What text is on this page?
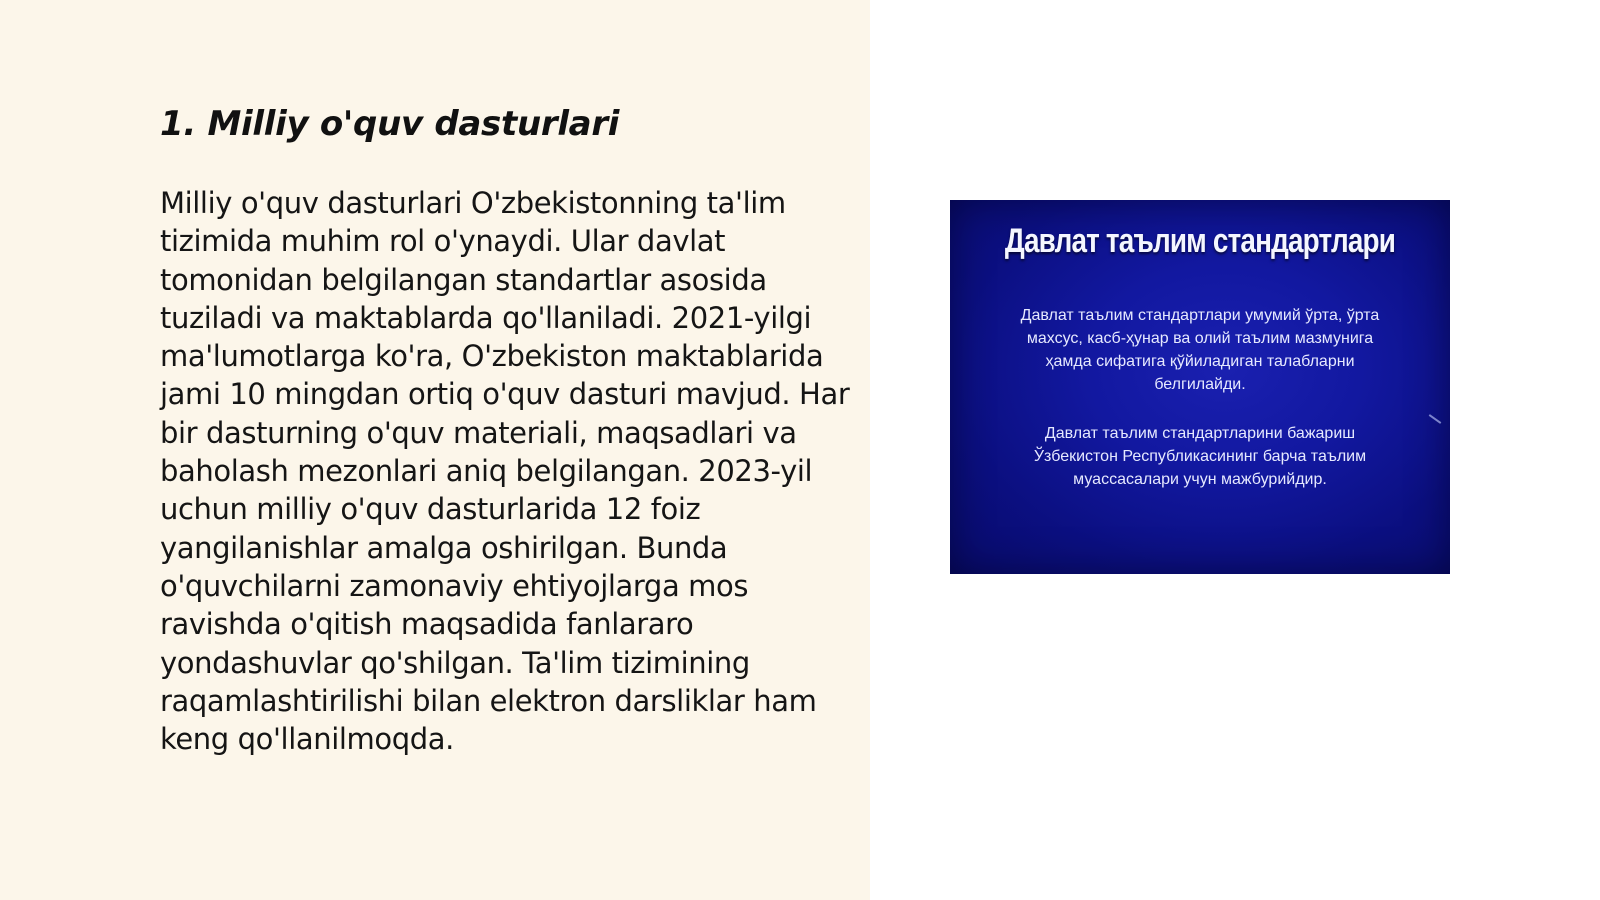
1. Milliy o'quv dasturlari

Milliy o'quv dasturlari O'zbekistonning ta'lim tizimida muhim rol o'ynaydi. Ular davlat tomonidan belgilangan standartlar asosida tuziladi va maktablarda qo'llaniladi. 2021-yilgi ma'lumotlarga ko'ra, O'zbekiston maktablarida jami 10 mingdan ortiq o'quv dasturi mavjud. Har bir dasturning o'quv materiali, maqsadlari va baholash mezonlari aniq belgilangan. 2023-yil uchun milliy o'quv dasturlarida 12 foiz yangilanishlar amalga oshirilgan. Bunda o'quvchilarni zamonaviy ehtiyojlarga mos ravishda o'qitish maqsadida fanlararo yondashuvlar qo'shilgan. Ta'lim tizimining raqamlashtirilishi bilan elektron darsliklar ham keng qo'llanilmoqda.

Давлат таълим стандартлари
Давлат таълим стандартлари умумий ўрта, ўрта
махсус, касб-ҳунар ва олий таълим мазмунига
ҳамда сифатига қўйиладиган талабларни
белгилайди.
Давлат таълим стандартларини бажариш
Ўзбекистон Республикасининг барча таълим
муассасалари учун мажбурийдир.
